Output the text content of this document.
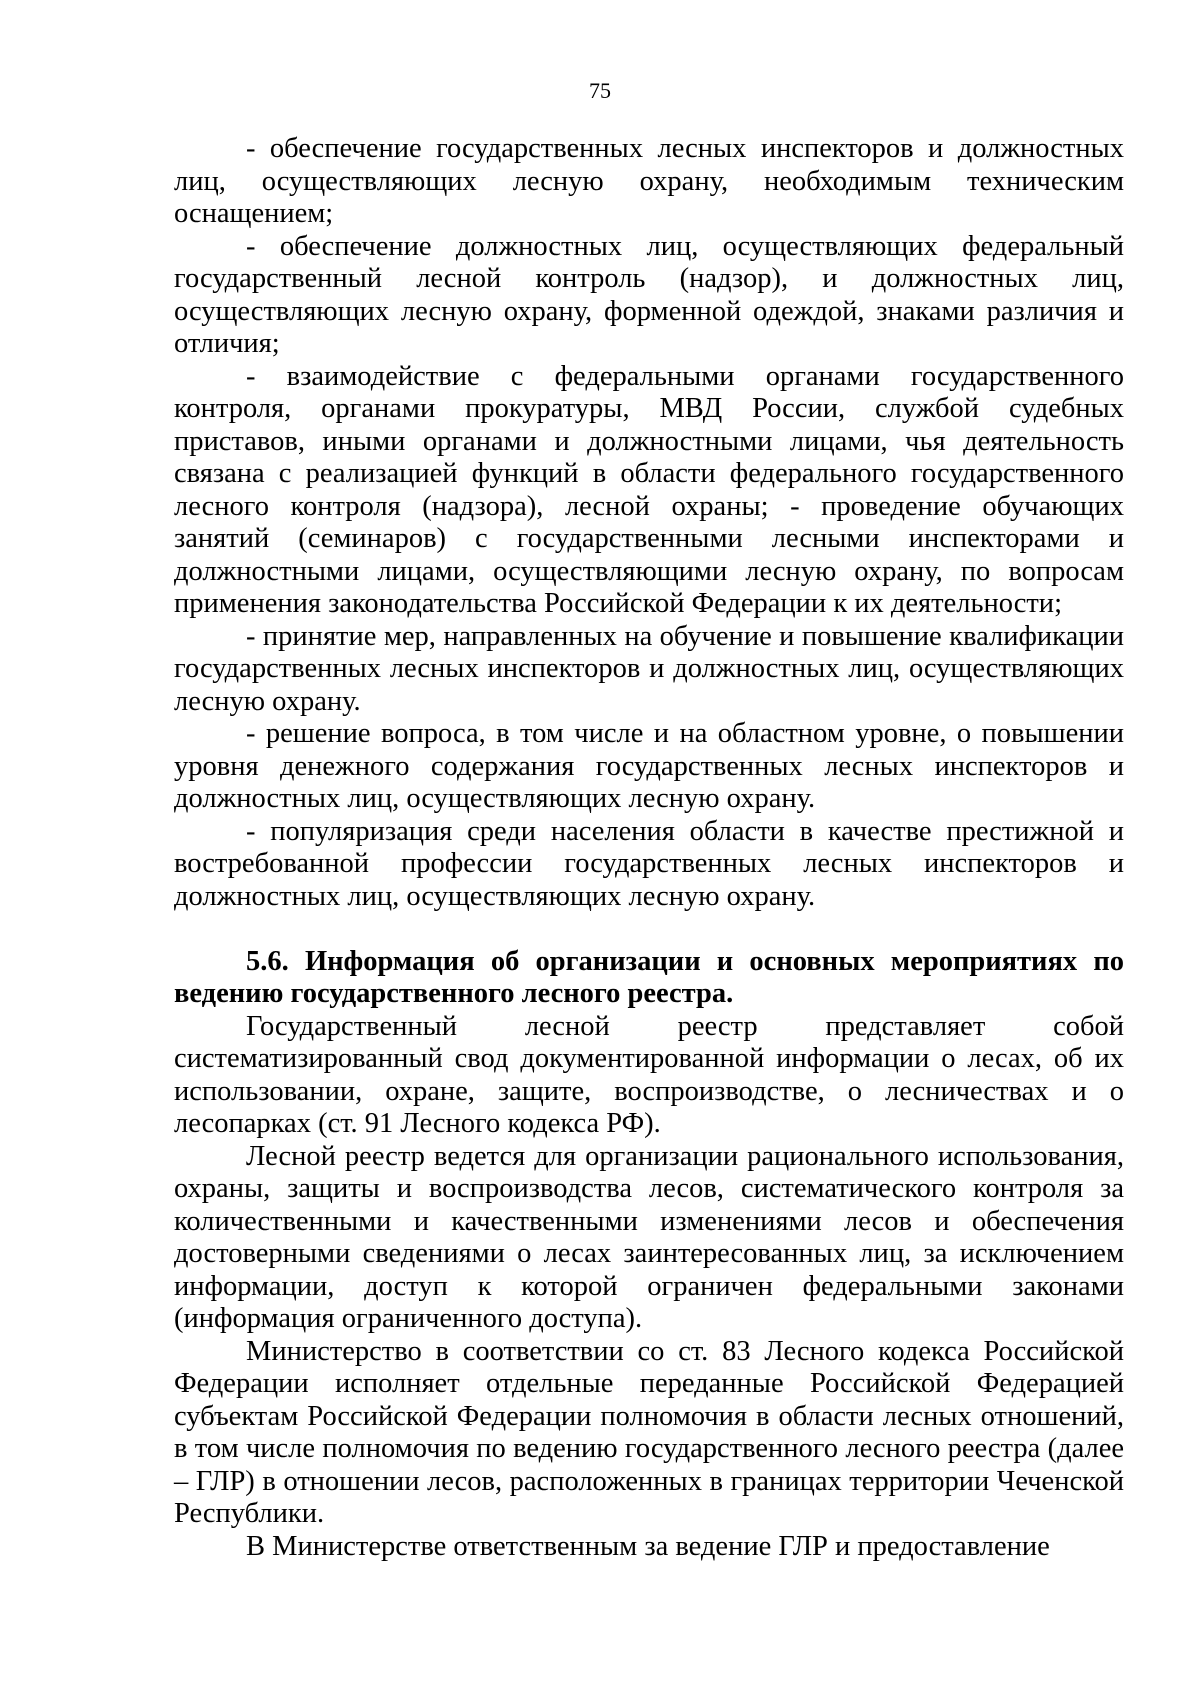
75

- обеспечение государственных лесных инспекторов и должностных лиц, осуществляющих лесную охрану, необходимым техническим оснащением;

- обеспечение должностных лиц, осуществляющих федеральный государственный лесной контроль (надзор), и должностных лиц, осуществляющих лесную охрану, форменной одеждой, знаками различия и отличия;

- взаимодействие с федеральными органами государственного контроля, органами прокуратуры, МВД России, службой судебных приставов, иными органами и должностными лицами, чья деятельность связана с реализацией функций в области федерального государственного лесного контроля (надзора), лесной охраны; - проведение обучающих занятий (семинаров) с государственными лесными инспекторами и должностными лицами, осуществляющими лесную охрану, по вопросам применения законодательства Российской Федерации к их деятельности;

- принятие мер, направленных на обучение и повышение квалификации государственных лесных инспекторов и должностных лиц, осуществляющих лесную охрану.

- решение вопроса, в том числе и на областном уровне, о повышении уровня денежного содержания государственных лесных инспекторов и должностных лиц, осуществляющих лесную охрану.

- популяризация среди населения области в качестве престижной и востребованной профессии государственных лесных инспекторов и должностных лиц, осуществляющих лесную охрану.

5.6. Информация об организации и основных мероприятиях по ведению государственного лесного реестра.

Государственный лесной реестр представляет собой систематизированный свод документированной информации о лесах, об их использовании, охране, защите, воспроизводстве, о лесничествах и о лесопарках (ст. 91 Лесного кодекса РФ).

Лесной реестр ведется для организации рационального использования, охраны, защиты и воспроизводства лесов, систематического контроля за количественными и качественными изменениями лесов и обеспечения достоверными сведениями о лесах заинтересованных лиц, за исключением информации, доступ к которой ограничен федеральными законами (информация ограниченного доступа).

Министерство в соответствии со ст. 83 Лесного кодекса Российской Федерации исполняет отдельные переданные Российской Федерацией субъектам Российской Федерации полномочия в области лесных отношений, в том числе полномочия по ведению государственного лесного реестра (далее – ГЛР) в отношении лесов, расположенных в границах территории Чеченской Республики.

В Министерстве ответственным за ведение ГЛР и предоставление
